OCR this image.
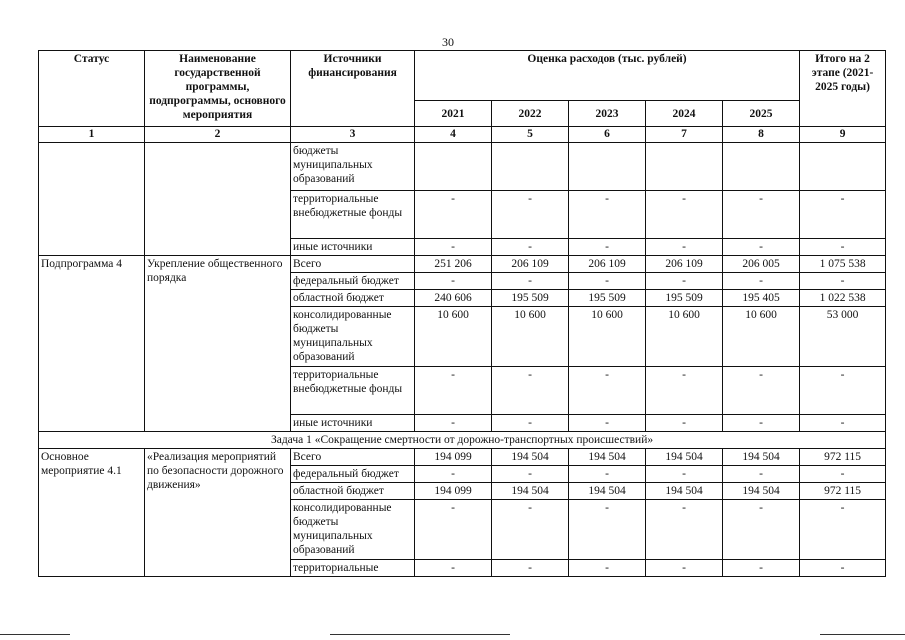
30
Статус	Наименование государственной программы, подпрограммы, основного мероприятия	Источники финансирования	Оценка расходов (тыс. рублей)					Итого на 2 этапе (2021-2025 годы)
			2021	2022	2023	2024	2025	
1	2	3	4	5	6	7	8	9
		бюджеты муниципальных образований						
		территориальные внебюджетные фонды	-	-	-	-	-	-
		иные источники	-	-	-	-	-	-
Подпрограмма 4	Укрепление общественного порядка	Всего	251 206	206 109	206 109	206 109	206 005	1 075 538
		федеральный бюджет	-	-	-	-	-	-
		областной бюджет	240 606	195 509	195 509	195 509	195 405	1 022 538
		консолидированные бюджеты муниципальных образований	10 600	10 600	10 600	10 600	10 600	53 000
		территориальные внебюджетные фонды	-	-	-	-	-	-
		иные источники	-	-	-	-	-	-
Задача 1 «Сокращение смертности от дорожно-транспортных происшествий»								
Основное мероприятие 4.1	«Реализация мероприятий по безопасности дорожного движения»	Всего	194 099	194 504	194 504	194 504	194 504	972 115
		федеральный бюджет	-	-	-	-	-	-
		областной бюджет	194 099	194 504	194 504	194 504	194 504	972 115
		консолидированные бюджеты муниципальных образований	-	-	-	-	-	-
		территориальные	-	-	-	-	-	-
